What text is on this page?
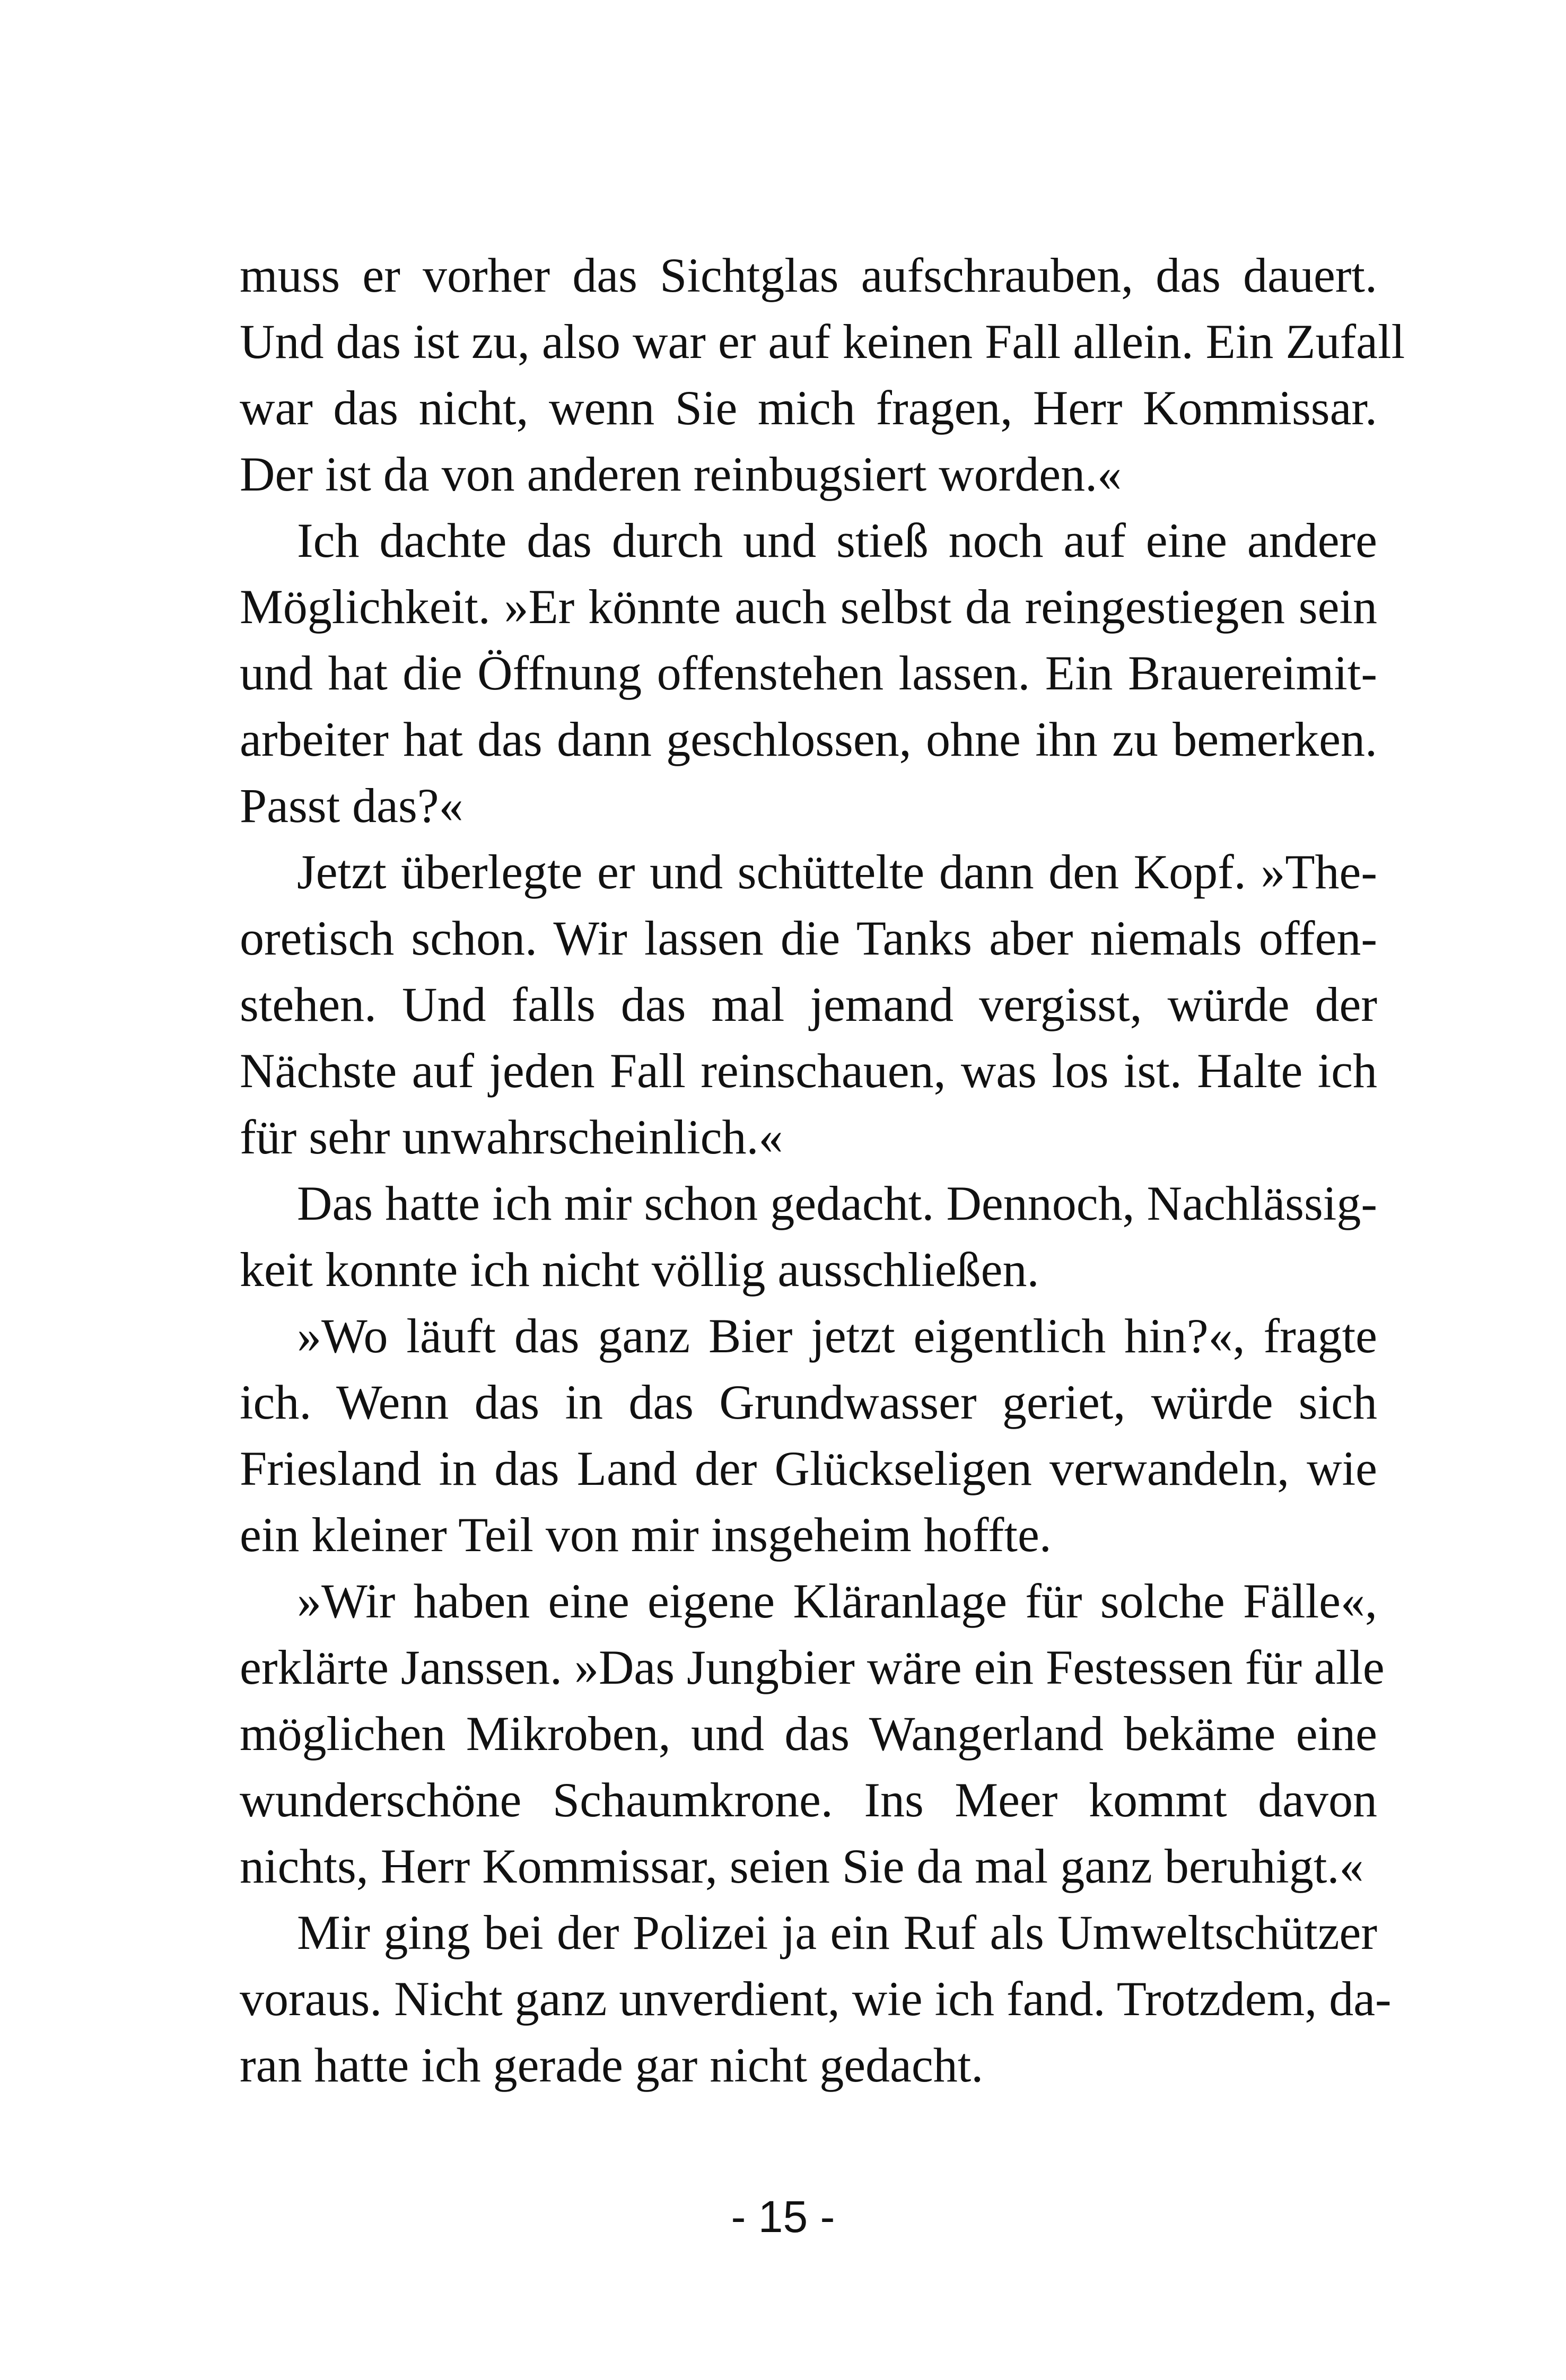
muss er vorher das Sichtglas aufschrauben, das dauert.
Und das ist zu, also war er auf keinen Fall allein. Ein Zufall
war das nicht, wenn Sie mich fragen, Herr Kommissar.
Der ist da von anderen reinbugsiert worden.«
Ich dachte das durch und stieß noch auf eine andere
Möglichkeit. »Er könnte auch selbst da reingestiegen sein
und hat die Öffnung offenstehen lassen. Ein Brauereimit-
arbeiter hat das dann geschlossen, ohne ihn zu bemerken.
Passt das?«
Jetzt überlegte er und schüttelte dann den Kopf. »The-
oretisch schon. Wir lassen die Tanks aber niemals offen-
stehen. Und falls das mal jemand vergisst, würde der
Nächste auf jeden Fall reinschauen, was los ist. Halte ich
für sehr unwahrscheinlich.«
Das hatte ich mir schon gedacht. Dennoch, Nachlässig-
keit konnte ich nicht völlig ausschließen.
»Wo läuft das ganz Bier jetzt eigentlich hin?«, fragte
ich. Wenn das in das Grundwasser geriet, würde sich
Friesland in das Land der Glückseligen verwandeln, wie
ein kleiner Teil von mir insgeheim hoffte.
»Wir haben eine eigene Kläranlage für solche Fälle«,
erklärte Janssen. »Das Jungbier wäre ein Festessen für alle
möglichen Mikroben, und das Wangerland bekäme eine
wunderschöne Schaumkrone. Ins Meer kommt davon
nichts, Herr Kommissar, seien Sie da mal ganz beruhigt.«
Mir ging bei der Polizei ja ein Ruf als Umweltschützer
voraus. Nicht ganz unverdient, wie ich fand. Trotzdem, da-
ran hatte ich gerade gar nicht gedacht.
- 15 -
